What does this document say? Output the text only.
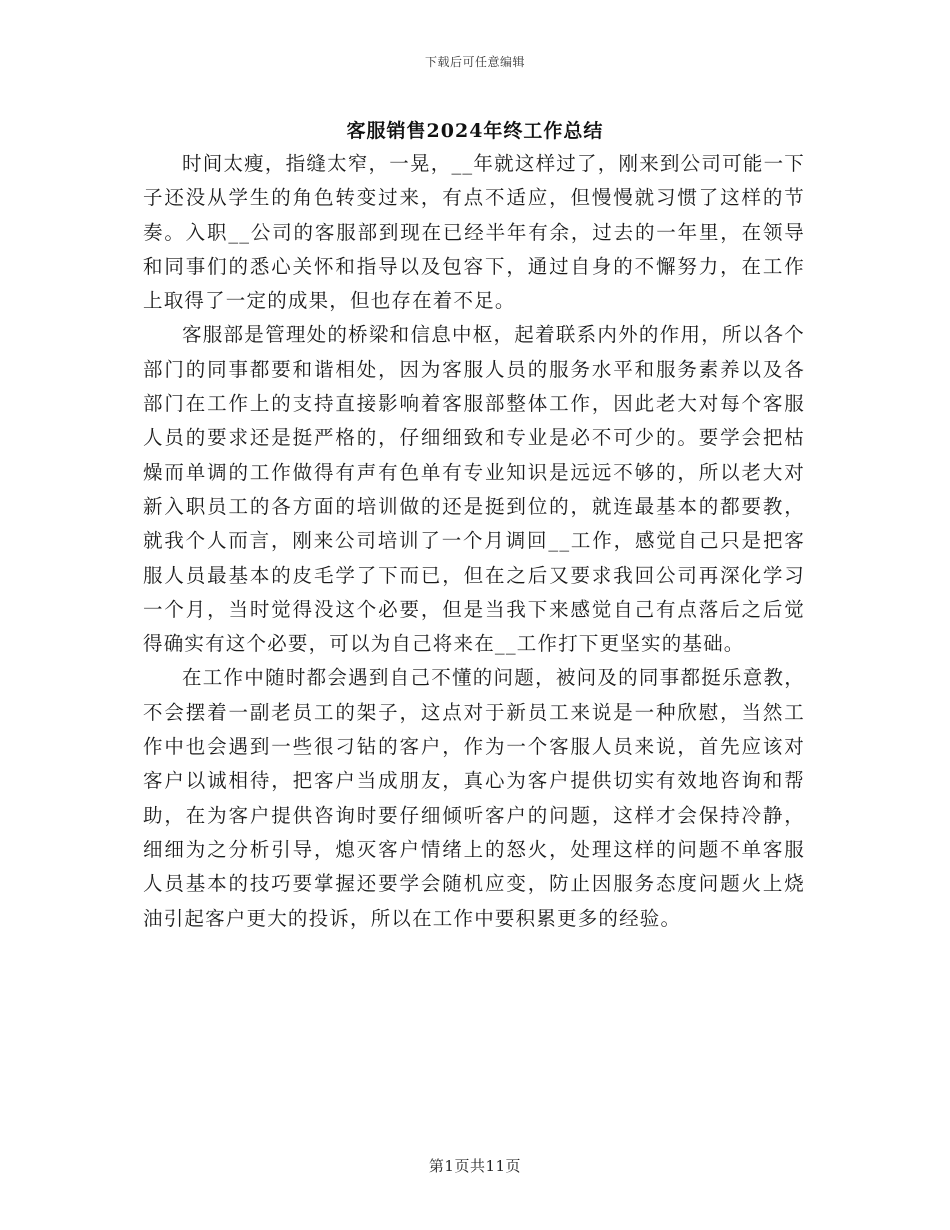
下载后可任意编辑
客服销售2024年终工作总结

时间太瘦，指缝太窄，一晃，__年就这样过了，刚来到公司可能一下子还没从学生的角色转变过来，有点不适应，但慢慢就习惯了这样的节奏。入职__公司的客服部到现在已经半年有余，过去的一年里，在领导和同事们的悉心关怀和指导以及包容下，通过自身的不懈努力，在工作上取得了一定的成果，但也存在着不足。

客服部是管理处的桥梁和信息中枢，起着联系内外的作用，所以各个部门的同事都要和谐相处，因为客服人员的服务水平和服务素养以及各部门在工作上的支持直接影响着客服部整体工作，因此老大对每个客服人员的要求还是挺严格的，仔细细致和专业是必不可少的。要学会把枯燥而单调的工作做得有声有色单有专业知识是远远不够的，所以老大对新入职员工的各方面的培训做的还是挺到位的，就连最基本的都要教，就我个人而言，刚来公司培训了一个月调回__工作，感觉自己只是把客服人员最基本的皮毛学了下而已，但在之后又要求我回公司再深化学习一个月，当时觉得没这个必要，但是当我下来感觉自己有点落后之后觉得确实有这个必要，可以为自己将来在__工作打下更坚实的基础。

在工作中随时都会遇到自己不懂的问题，被问及的同事都挺乐意教，不会摆着一副老员工的架子，这点对于新员工来说是一种欣慰，当然工作中也会遇到一些很刁钻的客户，作为一个客服人员来说，首先应该对客户以诚相待，把客户当成朋友，真心为客户提供切实有效地咨询和帮助，在为客户提供咨询时要仔细倾听客户的问题，这样才会保持冷静，细细为之分析引导，熄灭客户情绪上的怒火，处理这样的问题不单客服人员基本的技巧要掌握还要学会随机应变，防止因服务态度问题火上烧油引起客户更大的投诉，所以在工作中要积累更多的经验。

第1页共11页
